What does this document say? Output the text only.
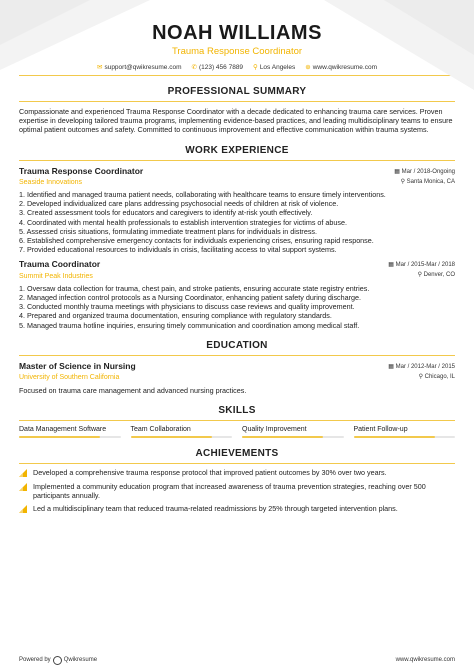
NOAH WILLIAMS
Trauma Response Coordinator
✉ support@qwikresume.com ✆ (123) 456 7889 ⚲ Los Angeles ⊕ www.qwikresume.com
PROFESSIONAL SUMMARY
Compassionate and experienced Trauma Response Coordinator with a decade dedicated to enhancing trauma care services. Proven expertise in developing tailored trauma programs, implementing evidence-based practices, and leading multidisciplinary teams to ensure optimal patient outcomes and safety. Committed to continuous improvement and effective communication within trauma systems.
WORK EXPERIENCE
Trauma Response Coordinator
Seaside Innovations
▦ Mar / 2018-Ongoing
⚲ Santa Monica, CA
1. Identified and managed trauma patient needs, collaborating with healthcare teams to ensure timely interventions.
2. Developed individualized care plans addressing psychosocial needs of children at risk of violence.
3. Created assessment tools for educators and caregivers to identify at-risk youth effectively.
4. Coordinated with mental health professionals to establish intervention strategies for victims of abuse.
5. Assessed crisis situations, formulating immediate treatment plans for individuals in distress.
6. Established comprehensive emergency contacts for individuals experiencing crises, ensuring rapid response.
7. Provided educational resources to individuals in crisis, facilitating access to vital support systems.
Trauma Coordinator
Summit Peak Industries
▦ Mar / 2015-Mar / 2018
⚲ Denver, CO
1. Oversaw data collection for trauma, chest pain, and stroke patients, ensuring accurate state registry entries.
2. Managed infection control protocols as a Nursing Coordinator, enhancing patient safety during discharge.
3. Conducted monthly trauma meetings with physicians to discuss case reviews and quality improvement.
4. Prepared and organized trauma documentation, ensuring compliance with regulatory standards.
5. Managed trauma hotline inquiries, ensuring timely communication and coordination among medical staff.
EDUCATION
Master of Science in Nursing
University of Southern California
▦ Mar / 2012-Mar / 2015
⚲ Chicago, IL
Focused on trauma care management and advanced nursing practices.
SKILLS
Data Management Software	Team Collaboration	Quality Improvement	Patient Follow-up
ACHIEVEMENTS
Developed a comprehensive trauma response protocol that improved patient outcomes by 30% over two years.
Implemented a community education program that increased awareness of trauma prevention strategies, reaching over 500 participants annually.
Led a multidisciplinary team that reduced trauma-related readmissions by 25% through targeted intervention plans.
Powered by Qwikresume	www.qwikresume.com
